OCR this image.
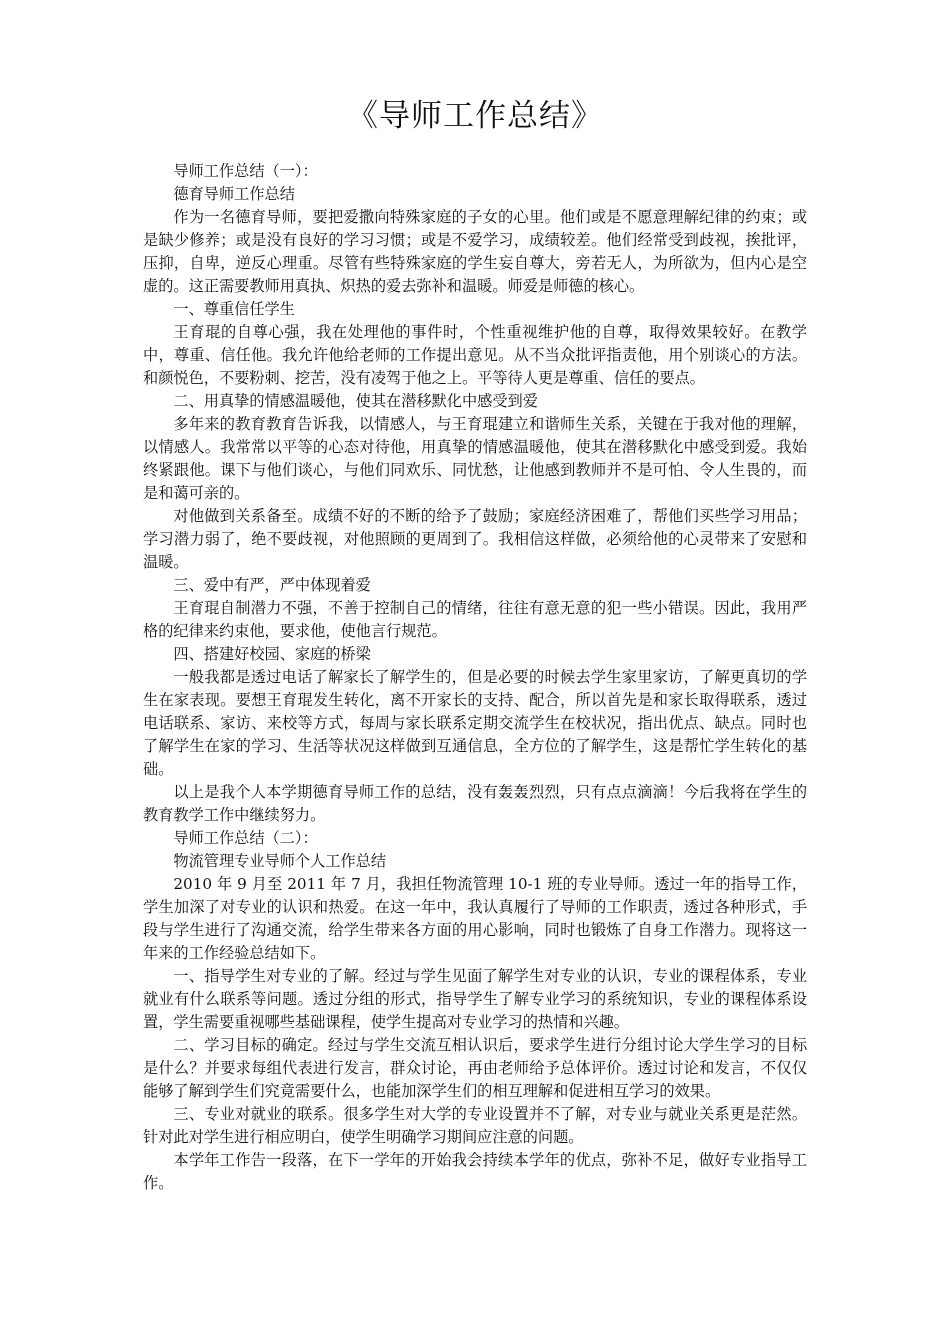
《导师工作总结》

导师工作总结（一）：

德育导师工作总结

作为一名德育导师，要把爱撒向特殊家庭的子女的心里。他们或是不愿意理解纪律的约束；或是缺少修养；或是没有良好的学习习惯；或是不爱学习，成绩较差。他们经常受到歧视，挨批评，压抑，自卑，逆反心理重。尽管有些特殊家庭的学生妄自尊大，旁若无人，为所欲为，但内心是空虚的。这正需要教师用真执、炽热的爱去弥补和温暖。师爱是师德的核心。

一、尊重信任学生

王育琨的自尊心强，我在处理他的事件时，个性重视维护他的自尊，取得效果较好。在教学中，尊重、信任他。我允许他给老师的工作提出意见。从不当众批评指责他，用个别谈心的方法。和颜悦色，不要粉刺、挖苦，没有凌驾于他之上。平等待人更是尊重、信任的要点。

二、用真挚的情感温暖他，使其在潜移默化中感受到爱

多年来的教育教育告诉我，以情感人，与王育琨建立和谐师生关系，关键在于我对他的理解，以情感人。我常常以平等的心态对待他，用真挚的情感温暖他，使其在潜移默化中感受到爱。我始终紧跟他。课下与他们谈心，与他们同欢乐、同忧愁，让他感到教师并不是可怕、令人生畏的，而是和蔼可亲的。

对他做到关系备至。成绩不好的不断的给予了鼓励；家庭经济困难了，帮他们买些学习用品；学习潜力弱了，绝不要歧视，对他照顾的更周到了。我相信这样做，必须给他的心灵带来了安慰和温暖。

三、爱中有严，严中体现着爱

王育琨自制潜力不强，不善于控制自己的情绪，往往有意无意的犯一些小错误。因此，我用严格的纪律来约束他，要求他，使他言行规范。

四、搭建好校园、家庭的桥梁

一般我都是透过电话了解家长了解学生的，但是必要的时候去学生家里家访，了解更真切的学生在家表现。要想王育琨发生转化，离不开家长的支持、配合，所以首先是和家长取得联系，透过电话联系、家访、来校等方式，每周与家长联系定期交流学生在校状况，指出优点、缺点。同时也了解学生在家的学习、生活等状况这样做到互通信息，全方位的了解学生，这是帮忙学生转化的基础。

以上是我个人本学期德育导师工作的总结，没有轰轰烈烈，只有点点滴滴！今后我将在学生的教育教学工作中继续努力。

导师工作总结（二）：

物流管理专业导师个人工作总结

2010 年 9 月至 2011 年 7 月，我担任物流管理 10-1 班的专业导师。透过一年的指导工作，学生加深了对专业的认识和热爱。在这一年中，我认真履行了导师的工作职责，透过各种形式，手段与学生进行了沟通交流，给学生带来各方面的用心影响，同时也锻炼了自身工作潜力。现将这一年来的工作经验总结如下。

一、指导学生对专业的了解。经过与学生见面了解学生对专业的认识，专业的课程体系，专业就业有什么联系等问题。透过分组的形式，指导学生了解专业学习的系统知识，专业的课程体系设置，学生需要重视哪些基础课程，使学生提高对专业学习的热情和兴趣。

二、学习目标的确定。经过与学生交流互相认识后，要求学生进行分组讨论大学生学习的目标是什么？并要求每组代表进行发言，群众讨论，再由老师给予总体评价。透过讨论和发言，不仅仅能够了解到学生们究竟需要什么，也能加深学生们的相互理解和促进相互学习的效果。

三、专业对就业的联系。很多学生对大学的专业设置并不了解，对专业与就业关系更是茫然。针对此对学生进行相应明白，使学生明确学习期间应注意的问题。

本学年工作告一段落，在下一学年的开始我会持续本学年的优点，弥补不足，做好专业指导工作。
